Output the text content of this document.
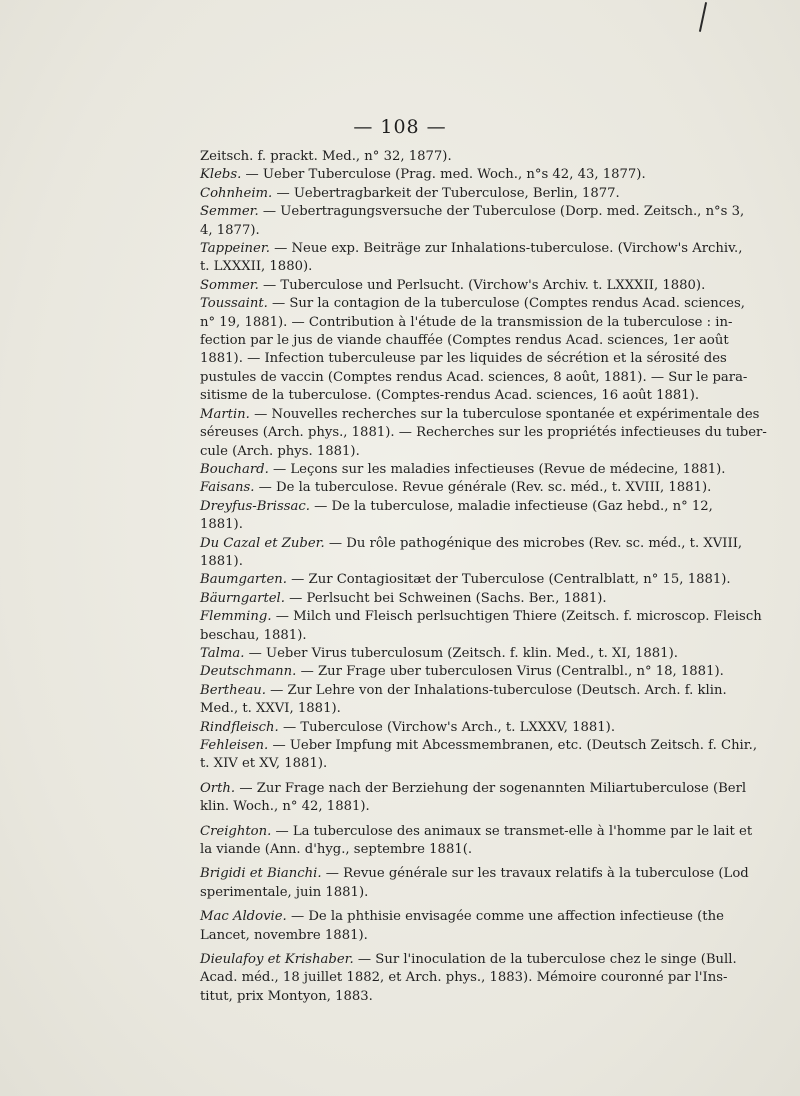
— 108 —
Zeitsch. f. prackt. Med., n° 32, 1877).
Klebs. — Ueber Tuberculose (Prag. med. Woch., n°s 42, 43, 1877).
Cohnheim. — Uebertragbarkeit der Tuberculose, Berlin, 1877.
Semmer. — Uebertragungsversuche der Tuberculose (Dorp. med. Zeitsch., n°s 3,
4, 1877).
Tappeiner. — Neue exp. Beiträge zur Inhalations-tuberculose. (Virchow's Archiv.,
t. LXXXII, 1880).
Sommer. — Tuberculose und Perlsucht. (Virchow's Archiv. t. LXXXII, 1880).
Toussaint. — Sur la contagion de la tuberculose (Comptes rendus Acad. sciences,
n° 19, 1881). — Contribution à l'étude de la transmission de la tuberculose : in-
fection par le jus de viande chauffée (Comptes rendus Acad. sciences, 1er août
1881). — Infection tuberculeuse par les liquides de sécrétion et la sérosité des
pustules de vaccin (Comptes rendus Acad. sciences, 8 août, 1881). — Sur le para-
sitisme de la tuberculose. (Comptes-rendus Acad. sciences, 16 août 1881).
Martin. — Nouvelles recherches sur la tuberculose spontanée et expérimentale des
séreuses (Arch. phys., 1881). — Recherches sur les propriétés infectieuses du tuber-
cule (Arch. phys. 1881).
Bouchard. — Leçons sur les maladies infectieuses (Revue de médecine, 1881).
Faisans. — De la tuberculose. Revue générale (Rev. sc. méd., t. XVIII, 1881).
Dreyfus-Brissac. — De la tuberculose, maladie infectieuse (Gaz hebd., n° 12,
1881).
Du Cazal et Zuber. — Du rôle pathogénique des microbes (Rev. sc. méd., t. XVIII,
1881).
Baumgarten. — Zur Contagiositæt der Tuberculose (Centralblatt, n° 15, 1881).
Bäurngartel. — Perlsucht bei Schweinen (Sachs. Ber., 1881).
Flemming. — Milch und Fleisch perlsuchtigen Thiere (Zeitsch. f. microscop. Fleisch
beschau, 1881).
Talma. — Ueber Virus tuberculosum (Zeitsch. f. klin. Med., t. XI, 1881).
Deutschmann. — Zur Frage uber tuberculosen Virus (Centralbl., n° 18, 1881).
Bertheau. — Zur Lehre von der Inhalations-tuberculose (Deutsch. Arch. f. klin.
Med., t. XXVI, 1881).
Rindfleisch. — Tuberculose (Virchow's Arch., t. LXXXV, 1881).
Fehleisen. — Ueber Impfung mit Abcessmembranen, etc. (Deutsch Zeitsch. f. Chir.,
t. XIV et XV, 1881).
Orth. — Zur Frage nach der Berziehung der sogenannten Miliartuberculose (Berl
klin. Woch., n° 42, 1881).
Creighton. — La tuberculose des animaux se transmet-elle à l'homme par le lait et
la viande (Ann. d'hyg., septembre 1881(.
Brigidi et Bianchi. — Revue générale sur les travaux relatifs à la tuberculose (Lod
sperimentale, juin 1881).
Mac Aldovie. — De la phthisie envisagée comme une affection infectieuse (the
Lancet, novembre 1881).
Dieulafoy et Krishaber. — Sur l'inoculation de la tuberculose chez le singe (Bull.
Acad. méd., 18 juillet 1882, et Arch. phys., 1883). Mémoire couronné par l'Ins-
titut, prix Montyon, 1883.
